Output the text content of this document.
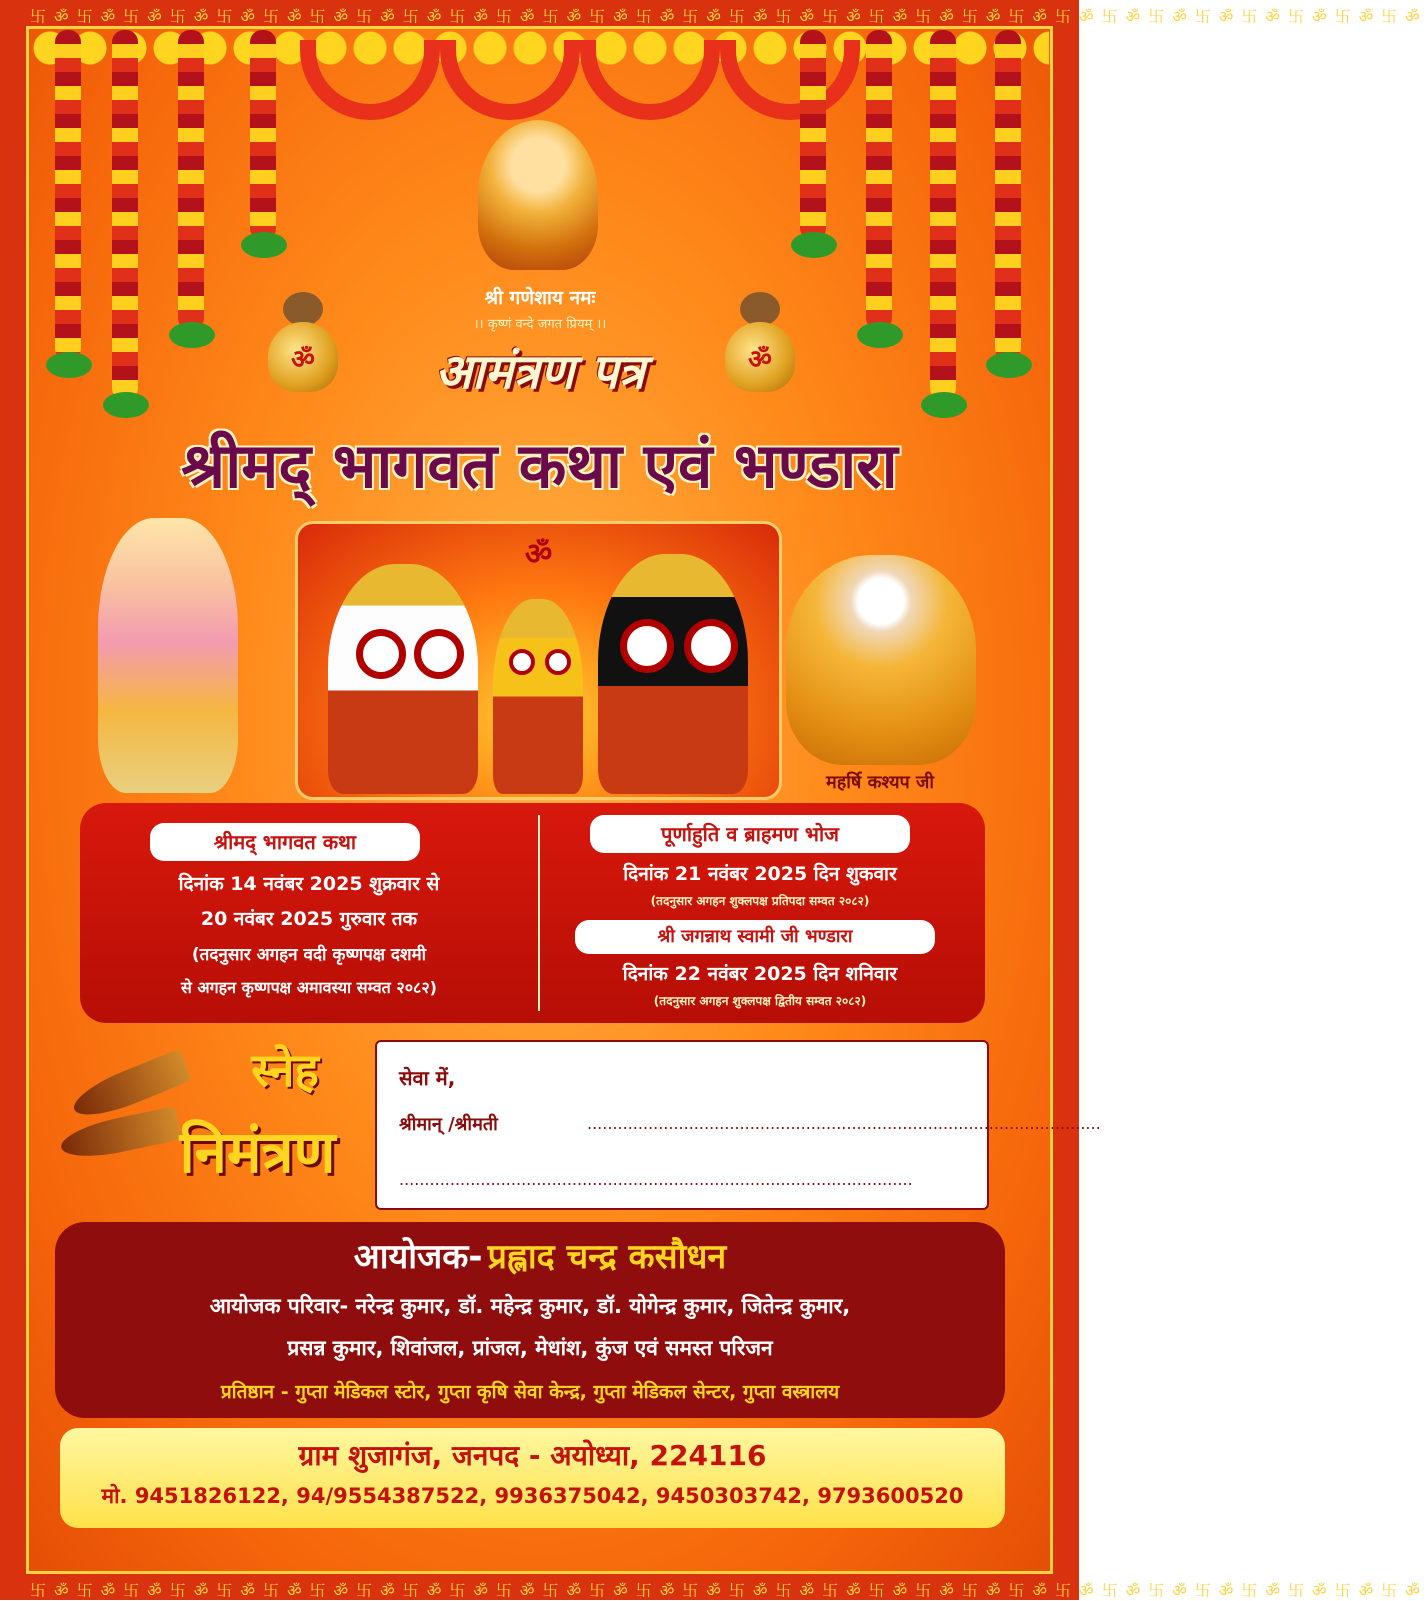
卐ॐ卐ॐ卐ॐ卐ॐ卐ॐ卐ॐ卐ॐ卐ॐ卐ॐ卐ॐ卐ॐ卐ॐ卐ॐ卐ॐ卐ॐ卐ॐ卐ॐ卐ॐ卐ॐ卐ॐ卐ॐ卐ॐ卐ॐ卐ॐ卐ॐ卐ॐ卐ॐ卐ॐ卐ॐ卐ॐ
卐ॐ卐ॐ卐ॐ卐ॐ卐ॐ卐ॐ卐ॐ卐ॐ卐ॐ卐ॐ卐ॐ卐ॐ卐ॐ卐ॐ卐ॐ卐ॐ卐ॐ卐ॐ卐ॐ卐ॐ卐ॐ卐ॐ卐ॐ卐ॐ卐ॐ卐ॐ卐ॐ卐ॐ卐ॐ卐ॐ
श्री गणेशाय नमः
।। कृष्णं वन्दे जगत प्रियम् ।।
ॐ	ॐ
आमंत्रण पत्र
श्रीमद् भागवत कथा एवं भण्डारा
ॐ
महर्षि कश्यप जी
श्रीमद् भागवत कथा
दिनांक 14 नवंबर 2025 शुक्रवार से
20 नवंबर 2025 गुरुवार तक
(तदनुसार अगहन वदी कृष्णपक्ष दशमी
से अगहन कृष्णपक्ष अमावस्या सम्वत २०८२)
पूर्णाहुति व ब्राहमण भोज
दिनांक 21 नवंबर 2025 दिन शुकवार
(तदनुसार अगहन शुक्लपक्ष प्रतिपदा सम्वत २०८२)
श्री जगन्नाथ स्वामी जी भण्डारा
दिनांक 22 नवंबर 2025 दिन शनिवार
(तदनुसार अगहन शुक्लपक्ष द्वितीय सम्वत २०८२)
स्नेह
निमंत्रण
सेवा में,
श्रीमान् /श्रीमती	.....................................................................................................
.....................................................................................................
आयोजक- प्रह्लाद चन्द्र कसौधन
आयोजक परिवार- नरेन्द्र कुमार, डॉ. महेन्द्र कुमार, डॉ. योगेन्द्र कुमार, जितेन्द्र कुमार,
प्रसन्न कुमार, शिवांजल, प्रांजल, मेधांश, कुंज एवं समस्त परिजन
प्रतिष्ठान - गुप्ता मेडिकल स्टोर, गुप्ता कृषि सेवा केन्द्र, गुप्ता मेडिकल सेन्टर, गुप्ता वस्त्रालय
ग्राम शुजागंज, जनपद - अयोध्या, 224116
मो. 9451826122, 94/9554387522, 9936375042, 9450303742, 9793600520
